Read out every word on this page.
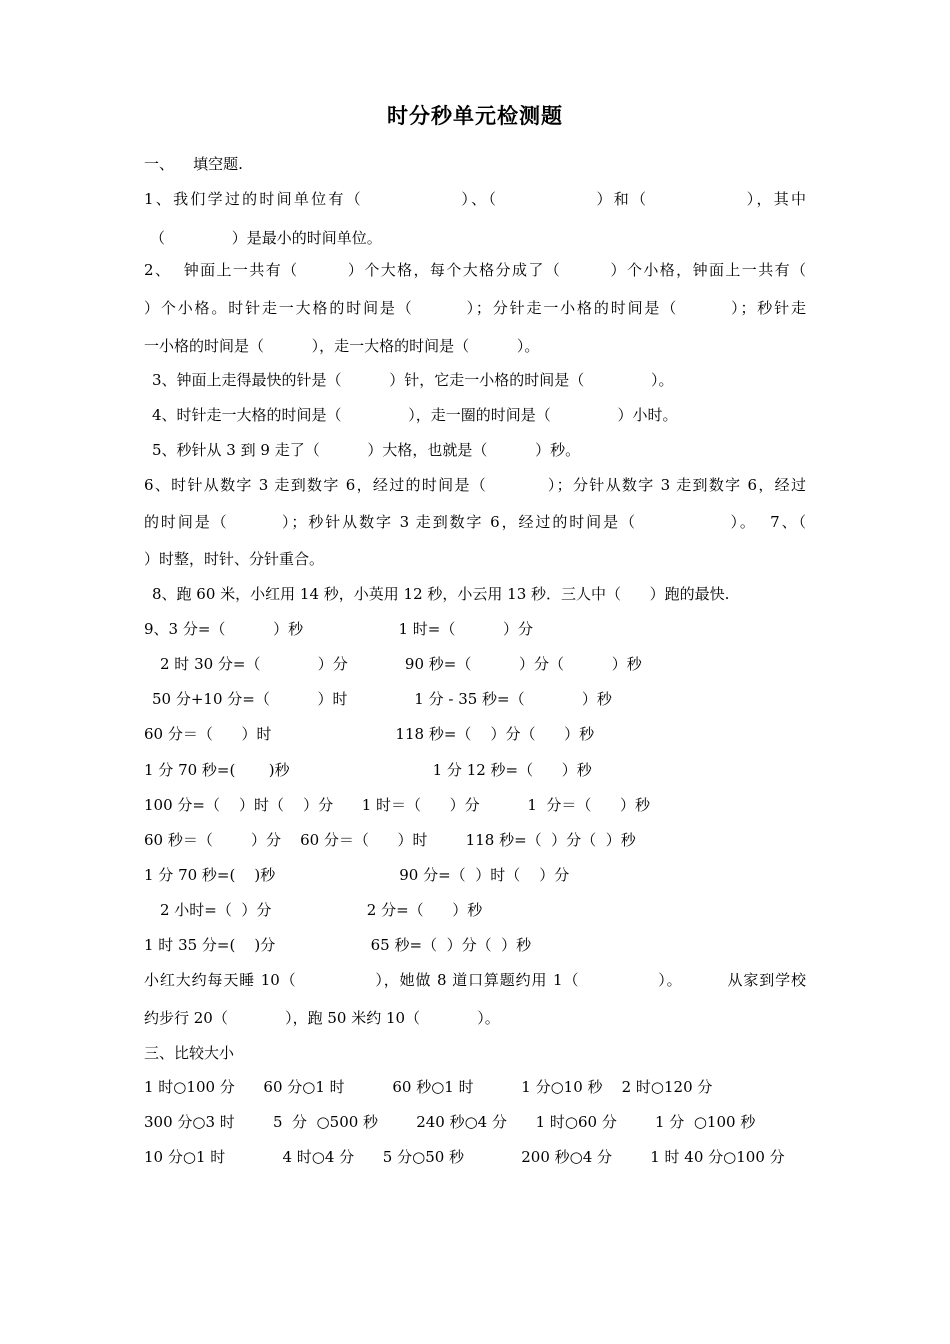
时分秒单元检测题
一、    填空题.
1、我们学过的时间单位有（              ）、（              ）和（              ），其中
（              ）是最小的时间单位。
2、  钟面上一共有（        ）个大格，每个大格分成了（        ）个小格，钟面上一共有（
）个小格。时针走一大格的时间是（        ）；分针走一小格的时间是（        ）；秒针走
一小格的时间是（          ），走一大格的时间是（          ）。
3、钟面上走得最快的针是（          ）针，它走一小格的时间是（              ）。
4、时针走一大格的时间是（              ），走一圈的时间是（              ）小时。
5、秒针从 3 到 9 走了（          ）大格，也就是（          ）秒。
6、时针从数字 3 走到数字 6，经过的时间是（          ）；分针从数字 3 走到数字 6，经过
的时间是（        ）；秒针从数字 3 走到数字 6，经过的时间是（              ）。  7、（
）时整，时针、分针重合。
8、跑 60 米，小红用 14 秒，小英用 12 秒，小云用 13 秒．三人中（      ）跑的最快.
9、3 分=（          ）秒                    1 时=（          ）分
2 时 30 分=（            ）分            90 秒=（          ）分（          ）秒
50 分+10 分=（          ）时              1 分 - 35 秒=（            ）秒
60 分＝（      ）时                          118 秒=（    ）分（      ）秒
1 分 70 秒=(       )秒                              1 分 12 秒=（      ）秒
100 分=（    ）时（    ）分      1 时＝（      ）分          1  分＝（      ）秒
60 秒＝（        ）分    60 分＝（      ）时        118 秒=（  ）分（  ）秒
1 分 70 秒=(    )秒                          90 分=（  ）时（    ）分
2 小时=（  ）分                    2 分=（      ）秒
1 时 35 分=(    )分                    65 秒=（  ）分（  ）秒
小红大约每天睡 10（              ），她做 8 道口算题约用 1（              ）。        从家到学校
约步行 20（            ），跑 50 米约 10（            ）。
三、比较大小
1 时○100 分      60 分○1 时          60 秒○1 时          1 分○10 秒    2 时○120 分
300 分○3 时        5  分  ○500 秒        240 秒○4 分      1 时○60 分        1 分  ○100 秒
10 分○1 时            4 时○4 分      5 分○50 秒            200 秒○4 分        1 时 40 分○100 分
